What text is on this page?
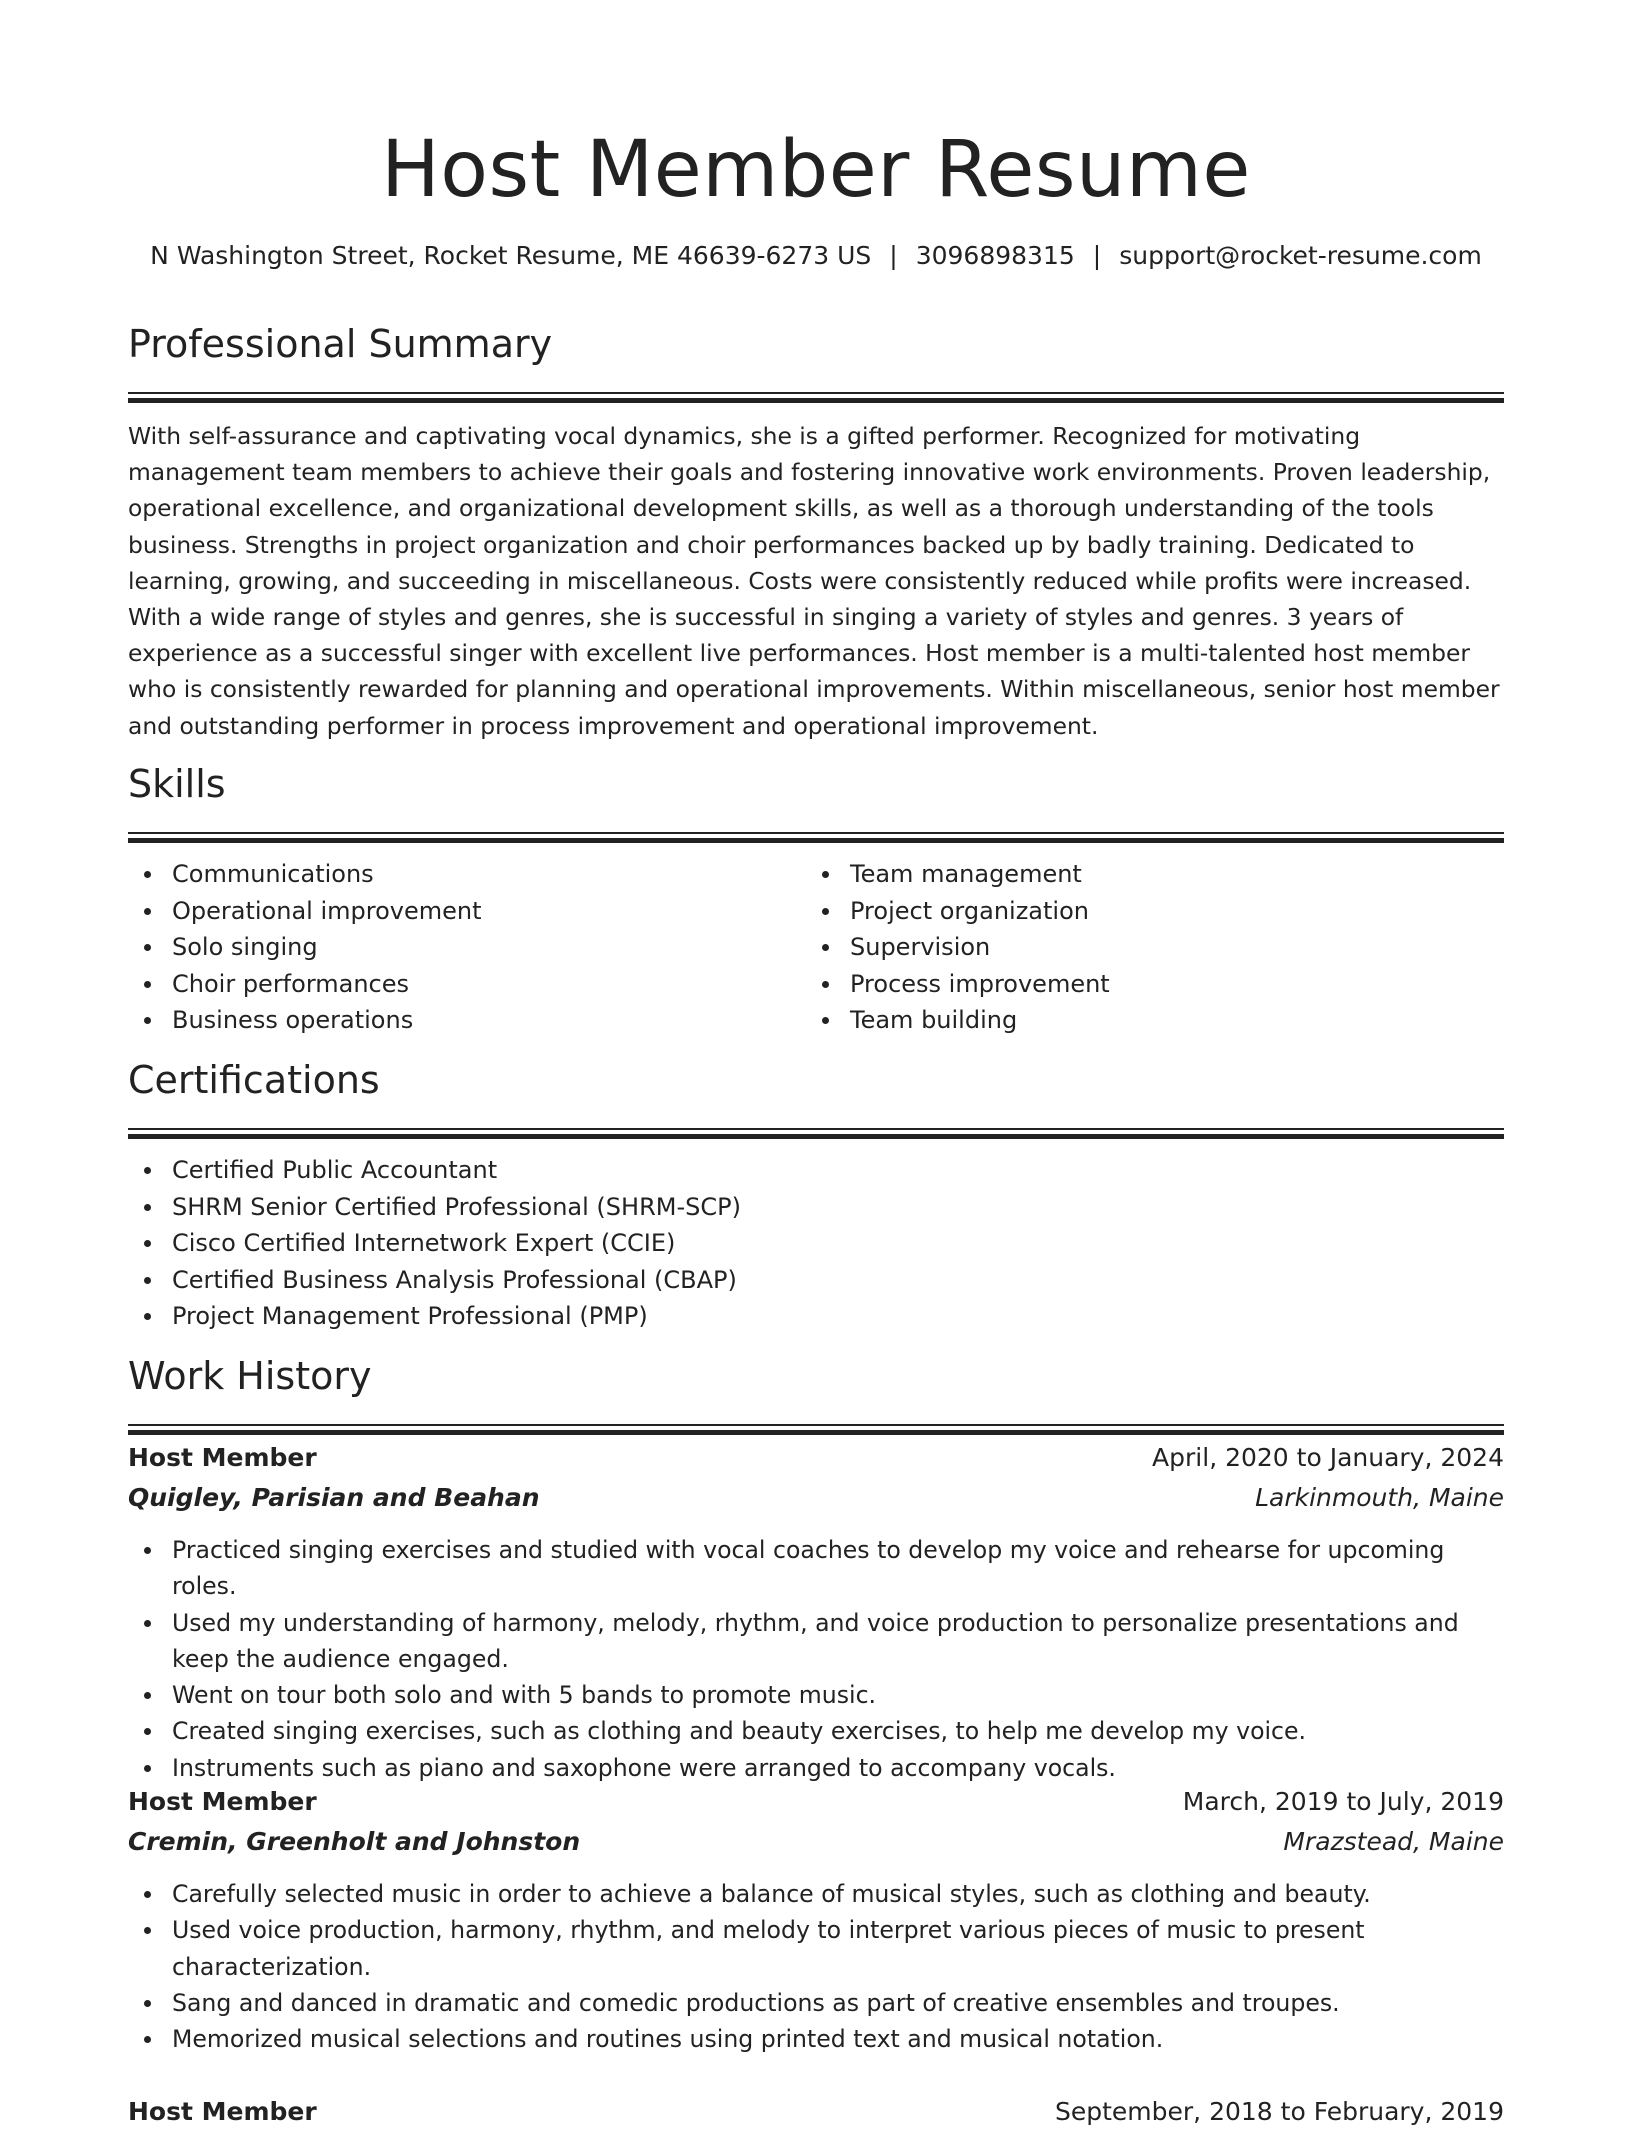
Host Member Resume
N Washington Street, Rocket Resume, ME 46639-6273 US | 3096898315 | support@rocket-resume.com
Professional Summary

With self-assurance and captivating vocal dynamics, she is a gifted performer. Recognized for motivating management team members to achieve their goals and fostering innovative work environments. Proven leadership, operational excellence, and organizational development skills, as well as a thorough understanding of the tools business. Strengths in project organization and choir performances backed up by badly training. Dedicated to learning, growing, and succeeding in miscellaneous. Costs were consistently reduced while profits were increased. With a wide range of styles and genres, she is successful in singing a variety of styles and genres. 3 years of experience as a successful singer with excellent live performances. Host member is a multi-talented host member who is consistently rewarded for planning and operational improvements. Within miscellaneous, senior host member and outstanding performer in process improvement and operational improvement.

Skills
Communications
Operational improvement
Solo singing
Choir performances
Business operations
Team management
Project organization
Supervision
Process improvement
Team building
Certifications
Certified Public Accountant
SHRM Senior Certified Professional (SHRM-SCP)
Cisco Certified Internetwork Expert (CCIE)
Certified Business Analysis Professional (CBAP)
Project Management Professional (PMP)
Work History
Host Member	April, 2020 to January, 2024
Quigley, Parisian and Beahan	Larkinmouth, Maine
Practiced singing exercises and studied with vocal coaches to develop my voice and rehearse for upcoming roles.
Used my understanding of harmony, melody, rhythm, and voice production to personalize presentations and keep the audience engaged.
Went on tour both solo and with 5 bands to promote music.
Created singing exercises, such as clothing and beauty exercises, to help me develop my voice.
Instruments such as piano and saxophone were arranged to accompany vocals.
Host Member	March, 2019 to July, 2019
Cremin, Greenholt and Johnston	Mrazstead, Maine
Carefully selected music in order to achieve a balance of musical styles, such as clothing and beauty.
Used voice production, harmony, rhythm, and melody to interpret various pieces of music to present characterization.
Sang and danced in dramatic and comedic productions as part of creative ensembles and troupes.
Memorized musical selections and routines using printed text and musical notation.
Host Member	September, 2018 to February, 2019
